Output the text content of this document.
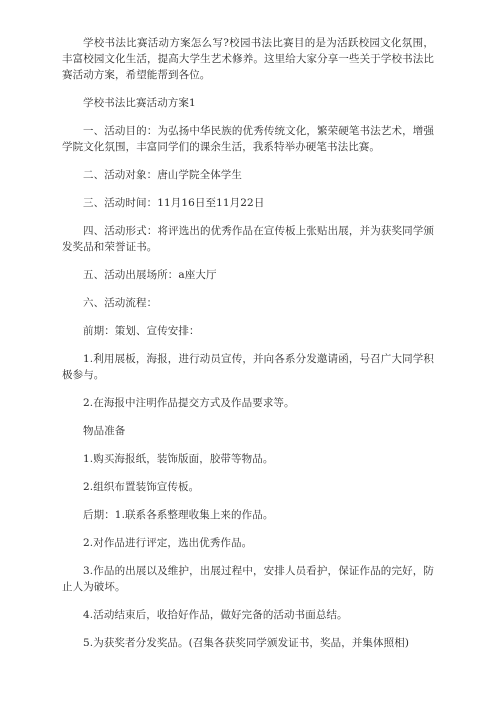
学校书法比赛活动方案怎么写?校园书法比赛目的是为活跃校园文化氛围，丰富校园文化生活，提高大学生艺术修养。这里给大家分享一些关于学校书法比赛活动方案，希望能帮到各位。

学校书法比赛活动方案1

一、活动目的：为弘扬中华民族的优秀传统文化，繁荣硬笔书法艺术，增强学院文化氛围，丰富同学们的课余生活，我系特举办硬笔书法比赛。

二、活动对象：唐山学院全体学生

三、活动时间：11月16日至11月22日

四、活动形式：将评选出的优秀作品在宣传板上张贴出展，并为获奖同学颁发奖品和荣誉证书。

五、活动出展场所：a座大厅

六、活动流程：

前期：策划、宣传安排：

1.利用展板，海报，进行动员宣传，并向各系分发邀请函，号召广大同学积极参与。

2.在海报中注明作品提交方式及作品要求等。

物品准备

1.购买海报纸，装饰版面，胶带等物品。

2.组织布置装饰宣传板。

后期：1.联系各系整理收集上来的作品。

2.对作品进行评定，选出优秀作品。

3.作品的出展以及维护，出展过程中，安排人员看护，保证作品的完好，防止人为破坏。

4.活动结束后，收拾好作品，做好完备的活动书面总结。

5.为获奖者分发奖品。(召集各获奖同学颁发证书，奖品，并集体照相)
